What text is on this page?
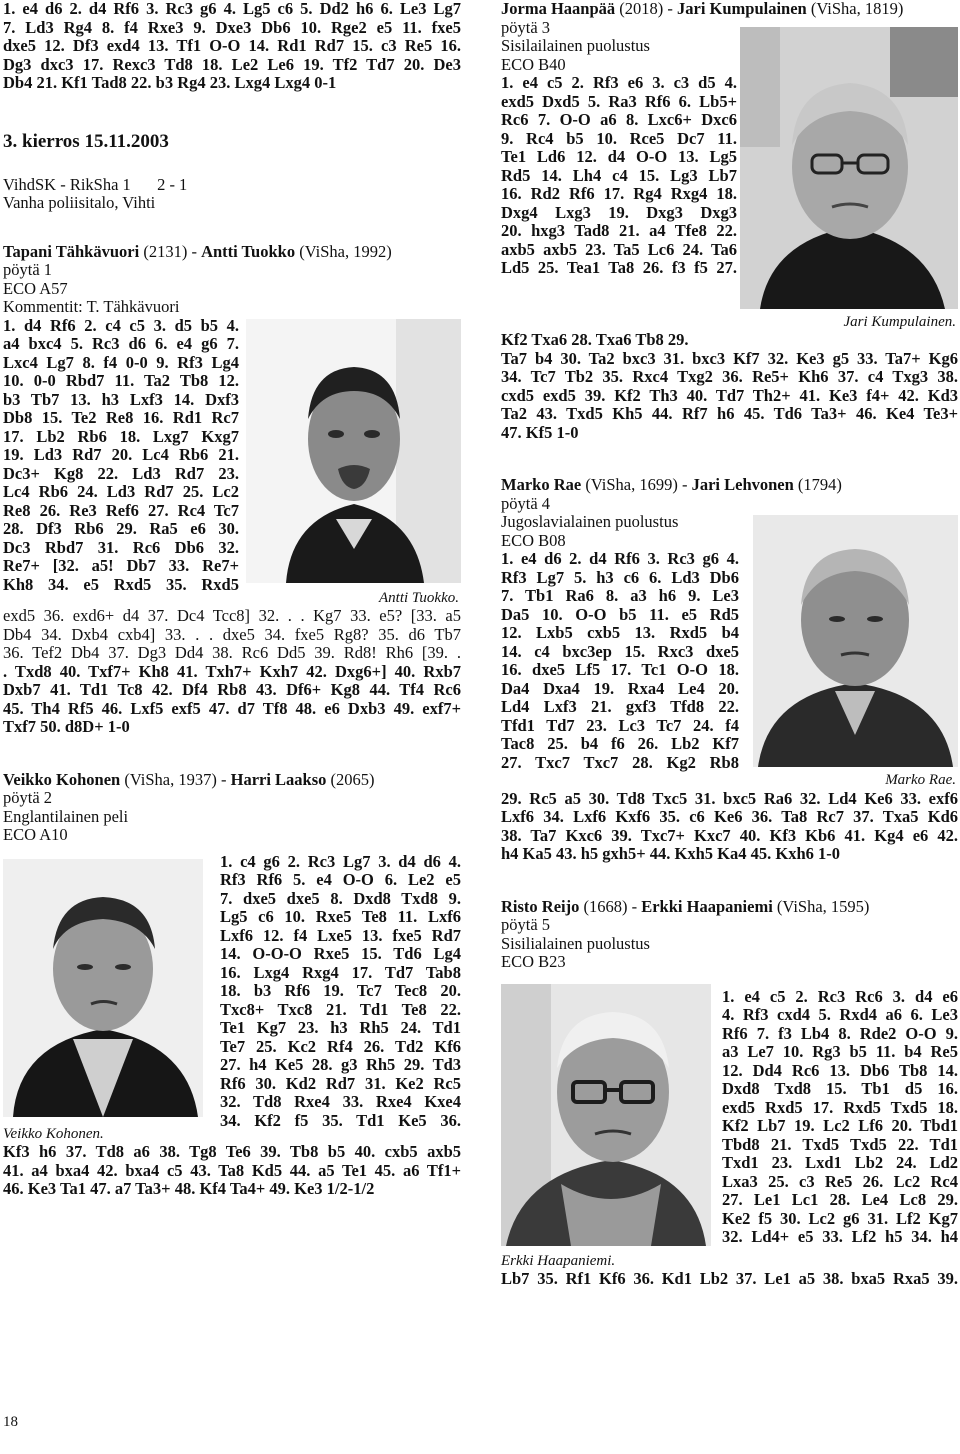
1. e4 d6 2. d4 Rf6 3. Rc3 g6 4. Lg5 c6 5. Dd2 h6 6. Le3 Lg7
7. Ld3 Rg4 8. f4 Rxe3 9. Dxe3 Db6 10. Rge2 e5 11. fxe5
dxe5 12. Df3 exd4 13. Tf1 O-O 14. Rd1 Rd7 15. c3 Re5 16.
Dg3 dxc3 17. Rexc3 Td8 18. Le2 Le6 19. Tf2 Td7 20. De3
Db4 21. Kf1 Tad8 22. b3 Rg4 23. Lxg4 Lxg4 0-1
3. kierros 15.11.2003
VihdSK - RikSha 1 2 - 1
Vanha poliisitalo, Vihti
Tapani Tähkävuori (2131) - Antti Tuokko (ViSha, 1992)
pöytä 1
ECO A57
Kommentit: T. Tähkävuori
1. d4 Rf6 2. c4 c5 3. d5 b5 4.
a4 bxc4 5. Rc3 d6 6. e4 g6 7.
Lxc4 Lg7 8. f4 0-0 9. Rf3 Lg4
10. 0-0 Rbd7 11. Ta2 Tb8 12.
b3 Tb7 13. h3 Lxf3 14. Dxf3
Db8 15. Te2 Re8 16. Rd1 Rc7
17. Lb2 Rb6 18. Lxg7 Kxg7
19. Ld3 Rd7 20. Lc4 Rb6 21.
Dc3+ Kg8 22. Ld3 Rd7 23.
Lc4 Rb6 24. Ld3 Rd7 25. Lc2
Re8 26. Re3 Ref6 27. Rc4 Tc7
28. Df3 Rb6 29. Ra5 e6 30.
Dc3 Rbd7 31. Rc6 Db6 32.
Re7+ [32. a5! Db7 33. Re7+
Kh8 34. e5 Rxd5 35. Rxd5
Antti Tuokko.
exd5 36. exd6+ d4 37. Dc4 Tcc8] 32. . . Kg7 33. e5? [33. a5
Db4 34. Dxb4 cxb4] 33. . . dxe5 34. fxe5 Rg8? 35. d6 Tb7
36. Tef2 Db4 37. Dg3 Dd4 38. Rc6 Dd5 39. Rd8! Rh6 [39. .
. Txd8 40. Txf7+ Kh8 41. Txh7+ Kxh7 42. Dxg6+] 40. Rxb7
Dxb7 41. Td1 Tc8 42. Df4 Rb8 43. Df6+ Kg8 44. Tf4 Rc6
45. Th4 Rf5 46. Lxf5 exf5 47. d7 Tf8 48. e6 Dxb3 49. exf7+
Txf7 50. d8D+ 1-0
Veikko Kohonen (ViSha, 1937) - Harri Laakso (2065)
pöytä 2
Englantilainen peli
ECO A10
Veikko Kohonen.
1. c4 g6 2. Rc3 Lg7 3. d4 d6 4.
Rf3 Rf6 5. e4 O-O 6. Le2 e5
7. dxe5 dxe5 8. Dxd8 Txd8 9.
Lg5 c6 10. Rxe5 Te8 11. Lxf6
Lxf6 12. f4 Lxe5 13. fxe5 Rd7
14. O-O-O Rxe5 15. Td6 Lg4
16. Lxg4 Rxg4 17. Td7 Tab8
18. b3 Rf6 19. Tc7 Tec8 20.
Txc8+ Txc8 21. Td1 Te8 22.
Te1 Kg7 23. h3 Rh5 24. Td1
Te7 25. Kc2 Rf4 26. Td2 Kf6
27. h4 Ke5 28. g3 Rh5 29. Td3
Rf6 30. Kd2 Rd7 31. Ke2 Rc5
32. Td8 Rxe4 33. Rxe4 Kxe4
34. Kf2 f5 35. Td1 Ke5 36.
Kf3 h6 37. Td8 a6 38. Tg8 Te6 39. Tb8 b5 40. cxb5 axb5
41. a4 bxa4 42. bxa4 c5 43. Ta8 Kd5 44. a5 Te1 45. a6 Tf1+
46. Ke3 Ta1 47. a7 Ta3+ 48. Kf4 Ta4+ 49. Ke3 1/2-1/2
Jorma Haanpää (2018) - Jari Kumpulainen (ViSha, 1819)
pöytä 3
Sisilailainen puolustus
ECO B40
1. e4 c5 2. Rf3 e6 3. c3 d5 4.
exd5 Dxd5 5. Ra3 Rf6 6. Lb5+
Rc6 7. O-O a6 8. Lxc6+ Dxc6
9. Rc4 b5 10. Rce5 Dc7 11.
Te1 Ld6 12. d4 O-O 13. Lg5
Rd5 14. Lh4 c4 15. Lg3 Lb7
16. Rd2 Rf6 17. Rg4 Rxg4 18.
Dxg4 Lxg3 19. Dxg3 Dxg3
20. hxg3 Tad8 21. a4 Tfe8 22.
axb5 axb5 23. Ta5 Lc6 24. Ta6
Ld5 25. Tea1 Ta8 26. f3 f5 27.
Jari Kumpulainen.
Kf2 Txa6 28. Txa6 Tb8 29.
Ta7 b4 30. Ta2 bxc3 31. bxc3 Kf7 32. Ke3 g5 33. Ta7+ Kg6
34. Tc7 Tb2 35. Rxc4 Txg2 36. Re5+ Kh6 37. c4 Txg3 38.
cxd5 exd5 39. Kf2 Th3 40. Td7 Th2+ 41. Ke3 f4+ 42. Kd3
Ta2 43. Txd5 Kh5 44. Rf7 h6 45. Td6 Ta3+ 46. Ke4 Te3+
47. Kf5 1-0
Marko Rae (ViSha, 1699) - Jari Lehvonen (1794)
pöytä 4
Jugoslavialainen puolustus
ECO B08
1. e4 d6 2. d4 Rf6 3. Rc3 g6 4.
Rf3 Lg7 5. h3 c6 6. Ld3 Db6
7. Tb1 Ra6 8. a3 h6 9. Le3
Da5 10. O-O b5 11. e5 Rd5
12. Lxb5 cxb5 13. Rxd5 b4
14. c4 bxc3ep 15. Rxc3 dxe5
16. dxe5 Lf5 17. Tc1 O-O 18.
Da4 Dxa4 19. Rxa4 Le4 20.
Ld4 Lxf3 21. gxf3 Tfd8 22.
Tfd1 Td7 23. Lc3 Tc7 24. f4
Tac8 25. b4 f6 26. Lb2 Kf7
27. Txc7 Txc7 28. Kg2 Rb8
Marko Rae.
29. Rc5 a5 30. Td8 Txc5 31. bxc5 Ra6 32. Ld4 Ke6 33. exf6
Lxf6 34. Lxf6 Kxf6 35. c6 Ke6 36. Ta8 Rc7 37. Txa5 Kd6
38. Ta7 Kxc6 39. Txc7+ Kxc7 40. Kf3 Kb6 41. Kg4 e6 42.
h4 Ka5 43. h5 gxh5+ 44. Kxh5 Ka4 45. Kxh6 1-0
Risto Reijo (1668) - Erkki Haapaniemi (ViSha, 1595)
pöytä 5
Sisilialainen puolustus
ECO B23
Erkki Haapaniemi.
1. e4 c5 2. Rc3 Rc6 3. d4 e6
4. Rf3 cxd4 5. Rxd4 a6 6. Le3
Rf6 7. f3 Lb4 8. Rde2 O-O 9.
a3 Le7 10. Rg3 b5 11. b4 Re5
12. Dd4 Rc6 13. Db6 Tb8 14.
Dxd8 Txd8 15. Tb1 d5 16.
exd5 Rxd5 17. Rxd5 Txd5 18.
Kf2 Lb7 19. Lc2 Lf6 20. Tbd1
Tbd8 21. Txd5 Txd5 22. Td1
Txd1 23. Lxd1 Lb2 24. Ld2
Lxa3 25. c3 Re5 26. Lc2 Rc4
27. Le1 Lc1 28. Le4 Lc8 29.
Ke2 f5 30. Lc2 g6 31. Lf2 Kg7
32. Ld4+ e5 33. Lf2 h5 34. h4
Lb7 35. Rf1 Kf6 36. Kd1 Lb2 37. Le1 a5 38. bxa5 Rxa5 39.
18
